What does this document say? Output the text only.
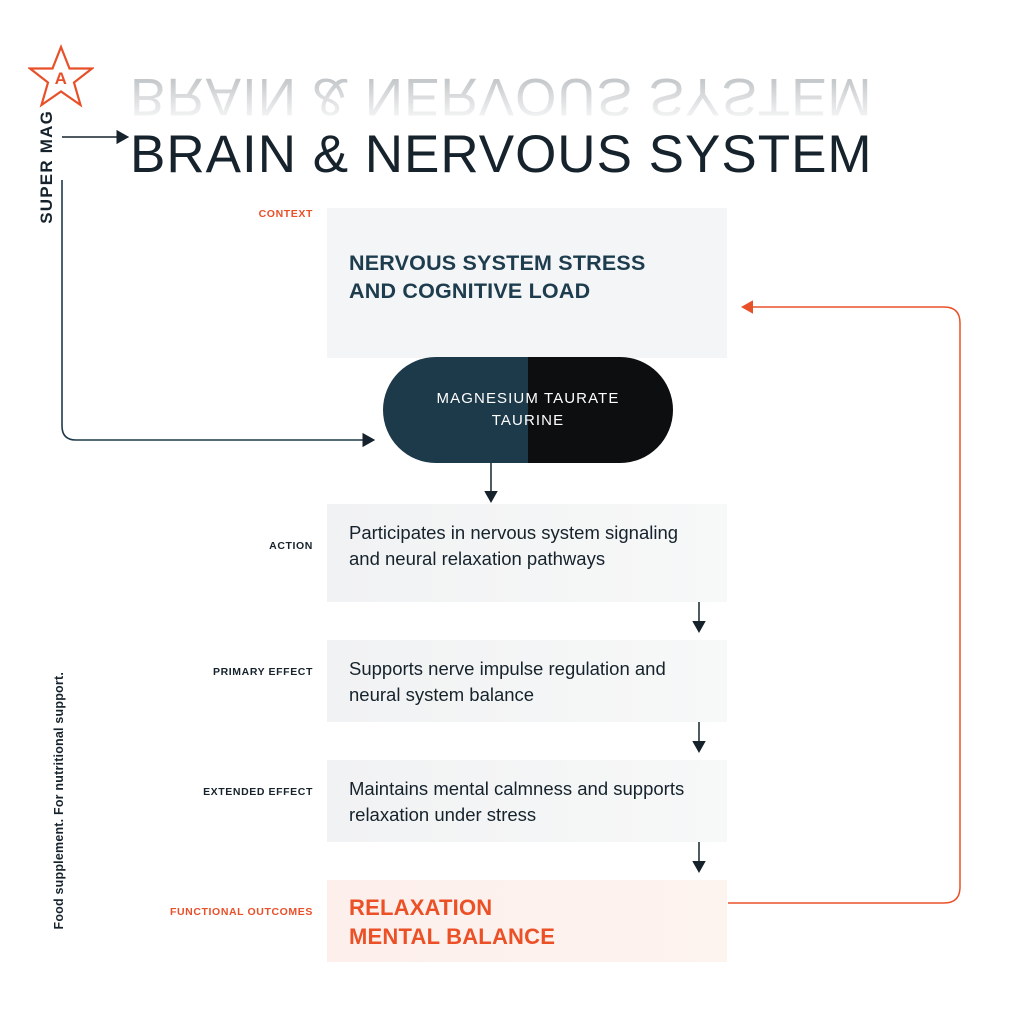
A
SUPER MAG
Food supplement. For nutritional support.
BRAIN & NERVOUS SYSTEM
BRAIN & NERVOUS SYSTEM
CONTEXT
NERVOUS SYSTEM STRESS
AND COGNITIVE LOAD
ACTION
Participates in nervous system signaling and neural relaxation pathways
PRIMARY EFFECT Supports nerve impulse regulation and neural system balance
EXTENDED EFFECT Maintains mental calmness and supports relaxation under stress
FUNCTIONAL OUTCOMES RELAXATION
MENTAL BALANCE
MAGNESIUM TAURATE
TAURINE
